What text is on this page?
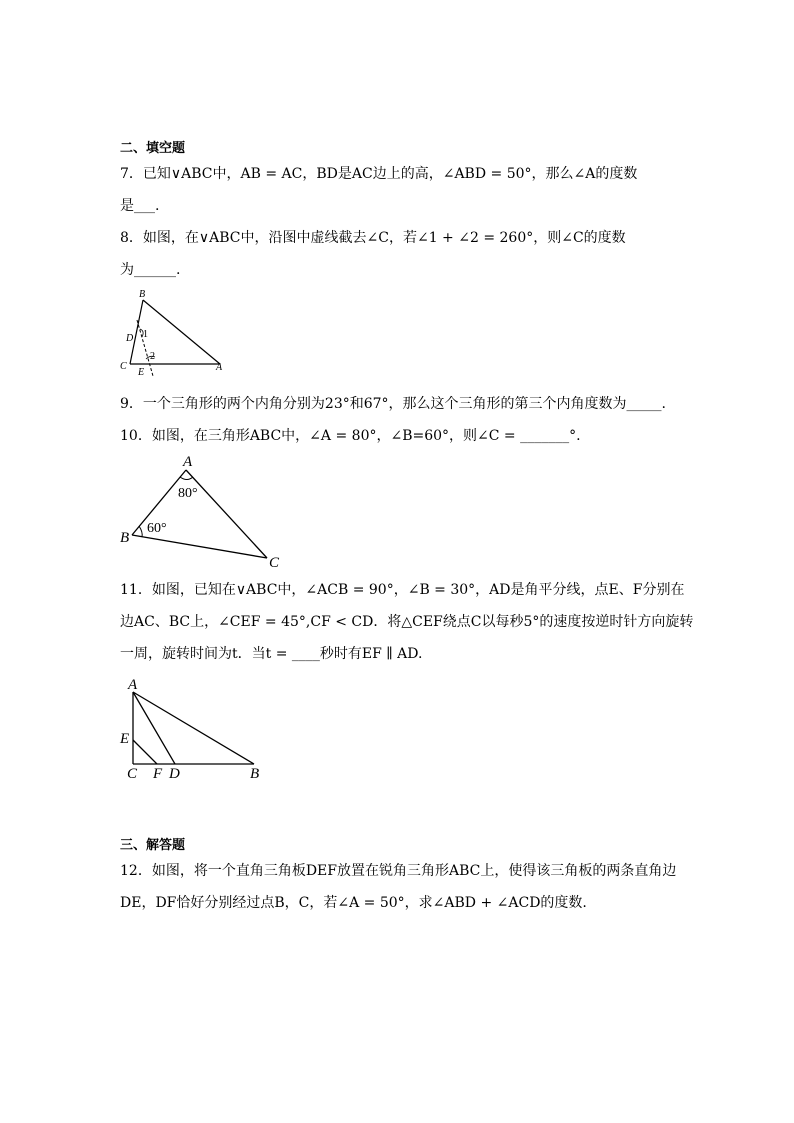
二、填空题
7．已知∨ABC中，AB = AC，BD是AC边上的高，∠ABD = 50°，那么∠A的度数
是___.
8．如图，在∨ABC中，沿图中虚线截去∠C，若∠1 + ∠2 = 260°，则∠C的度数
为______.
B
D 1
2
C
E	A
9．一个三角形的两个内角分别为23°和67°，那么这个三角形的第三个内角度数为_____.
10．如图，在三角形ABC中，∠A = 80°，∠B=60°，则∠C = _______°.
A
80°
60°
B
C
11．如图，已知在∨ABC中，∠ACB = 90°，∠B = 30°，AD是角平分线，点E、F分别在
边AC、BC上，∠CEF = 45°,CF < CD．将△CEF绕点C以每秒5°的速度按逆时针方向旋转
一周，旋转时间为t．当t = ____秒时有EF ∥ AD.
A
E
C F D	B
三、解答题
12．如图，将一个直角三角板DEF放置在锐角三角形ABC上，使得该三角板的两条直角边
DE，DF恰好分别经过点B，C，若∠A = 50°，求∠ABD + ∠ACD的度数.
